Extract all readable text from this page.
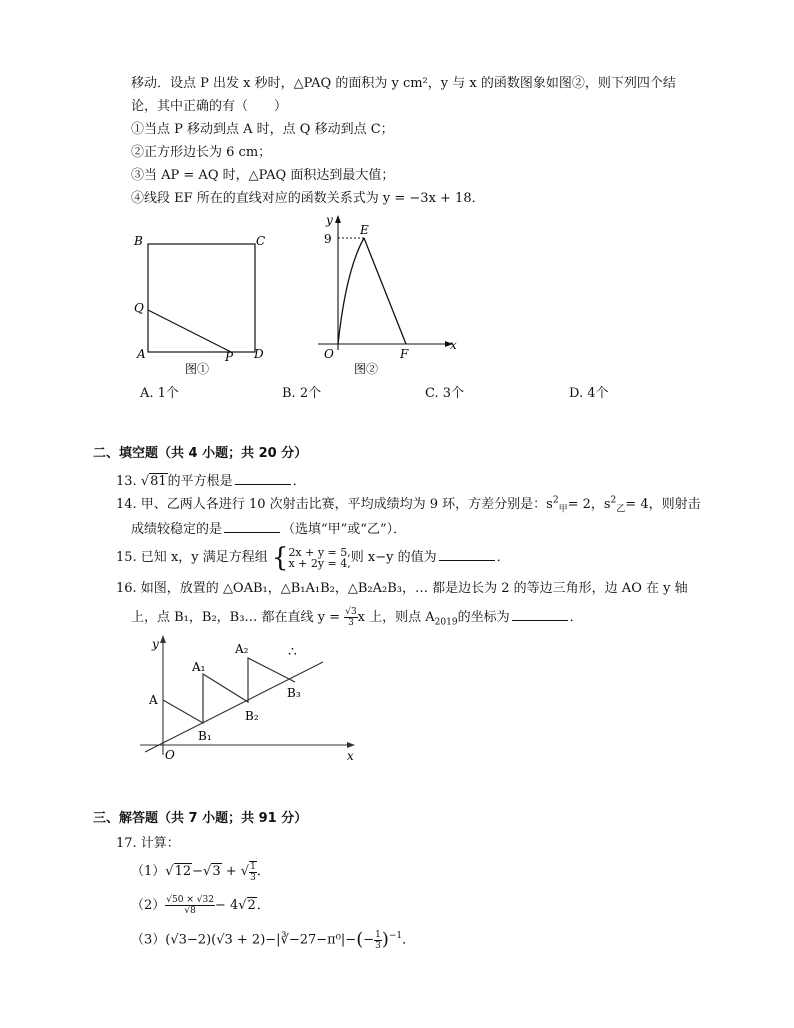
移动．设点 P 出发 x 秒时，△PAQ 的面积为 y cm²，y 与 x 的函数图象如图②，则下列四个结
论，其中正确的有（　　）
①当点 P 移动到点 A 时，点 Q 移动到点 C；
②正方形边长为 6 cm；
③当 AP = AQ 时，△PAQ 面积达到最大值；
④线段 EF 所在的直线对应的函数关系式为 y = −3x + 18．
B	C
Q
A	P D
图①
y
9
E
O	F
x
图②
A. 1个	B. 2个	C. 3个	D. 4个
二、填空题（共 4 小题；共 20 分）
13. √81的平方根是	．
14. 甲、乙两人各进行 10 次射击比赛，平均成绩均为 9 环，方差分别是：$s^2_甲= 2$，$s^2_乙= 4$，则射击
成绩较稳定的是	（选填“甲”或“乙”）．
15. 已知 x，y 满足方程组 { 2x + y = 5,
x + 2y = 4, 则 x−y 的值为	．
16. 如图，放置的 △OAB₁，△B₁A₁B₂，△B₂A₂B₃，… 都是边长为 2 的等边三角形，边 AO 在 y 轴
上，点 B₁，B₂，B₃… 都在直线 $y = \frac{√3}{3}$ x 上，则点 $A_{2019}$的坐标为	．
y
A₁
A₂	∴
A	B₃
B₂
B₁
O	x
三、解答题（共 7 小题；共 91 分）
17. 计算：
（1）√12−√3 + √ $\frac{1}{3}$ ．
$(2) \frac{√50 \times √32}{√8} - 4√2$．
（3）(√3−2)(√3 + 2)−|∛−27−π⁰|−(− $\frac{1}{3} )^{-1}$．
